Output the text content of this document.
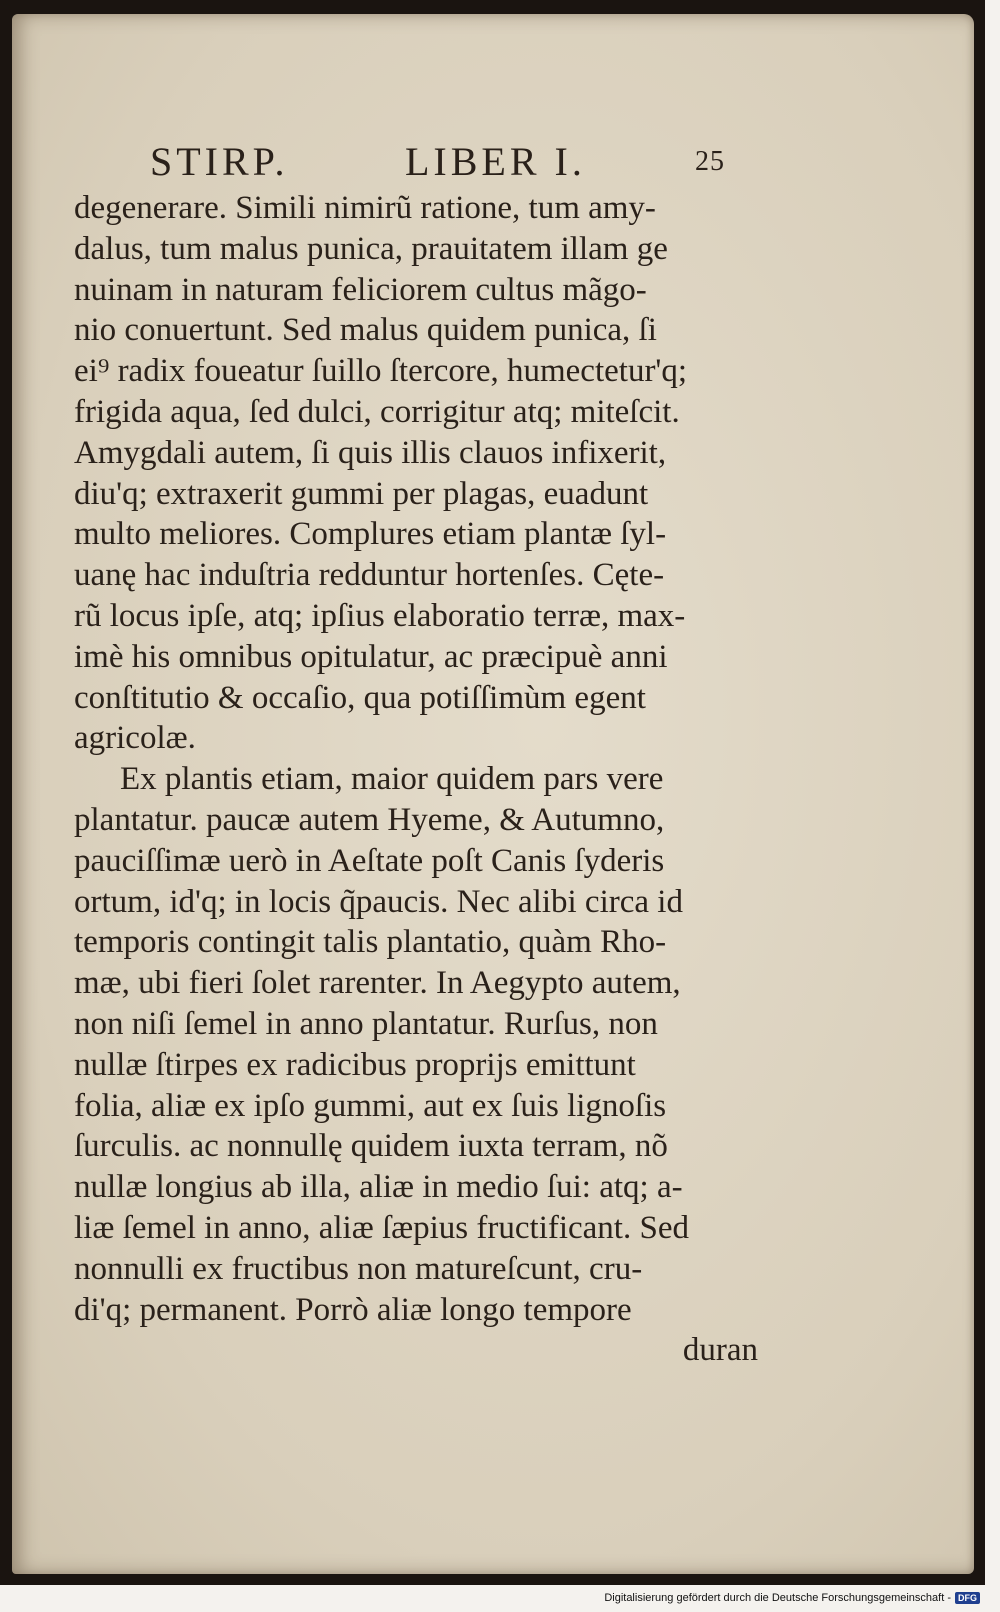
STIRP.	LIBER I.	25
degenerare. Simili nimirũ ratione, tum amy-
dalus, tum malus punica, prauitatem illam ge
nuinam in naturam feliciorem cultus mãgo-
nio conuertunt. Sed malus quidem punica, ſi
ei⁹ radix foueatur ſuillo ſtercore, humectetur'q;
frigida aqua, ſed dulci, corrigitur atq; miteſcit.
Amygdali autem, ſi quis illis clauos infixerit,
diu'q; extraxerit gummi per plagas, euadunt
multo meliores. Complures etiam plantæ ſyl-
uanę hac induſtria redduntur hortenſes. Cęte-
rũ locus ipſe, atq; ipſius elaboratio terræ, max-
imè his omnibus opitulatur, ac præcipuè anni
conſtitutio & occaſio, qua potiſſimùm egent
agricolæ.
Ex plantis etiam, maior quidem pars vere
plantatur. paucæ autem Hyeme, & Autumno,
pauciſſimæ uerò in Aeſtate poſt Canis ſyderis
ortum, id'q; in locis q̃paucis. Nec alibi circa id
temporis contingit talis plantatio, quàm Rho-
mæ, ubi fieri ſolet rarenter. In Aegypto autem,
non niſi ſemel in anno plantatur. Rurſus, non
nullæ ſtirpes ex radicibus proprijs emittunt
folia, aliæ ex ipſo gummi, aut ex ſuis lignoſis
ſurculis. ac nonnullę quidem iuxta terram, nõ
nullæ longius ab illa, aliæ in medio ſui: atq; a-
liæ ſemel in anno, aliæ ſæpius fructificant. Sed
nonnulli ex fructibus non matureſcunt, cru-
di'q; permanent. Porrò aliæ longo tempore
duran
Digitalisierung gefördert durch die Deutsche Forschungsgemeinschaft - DFG
